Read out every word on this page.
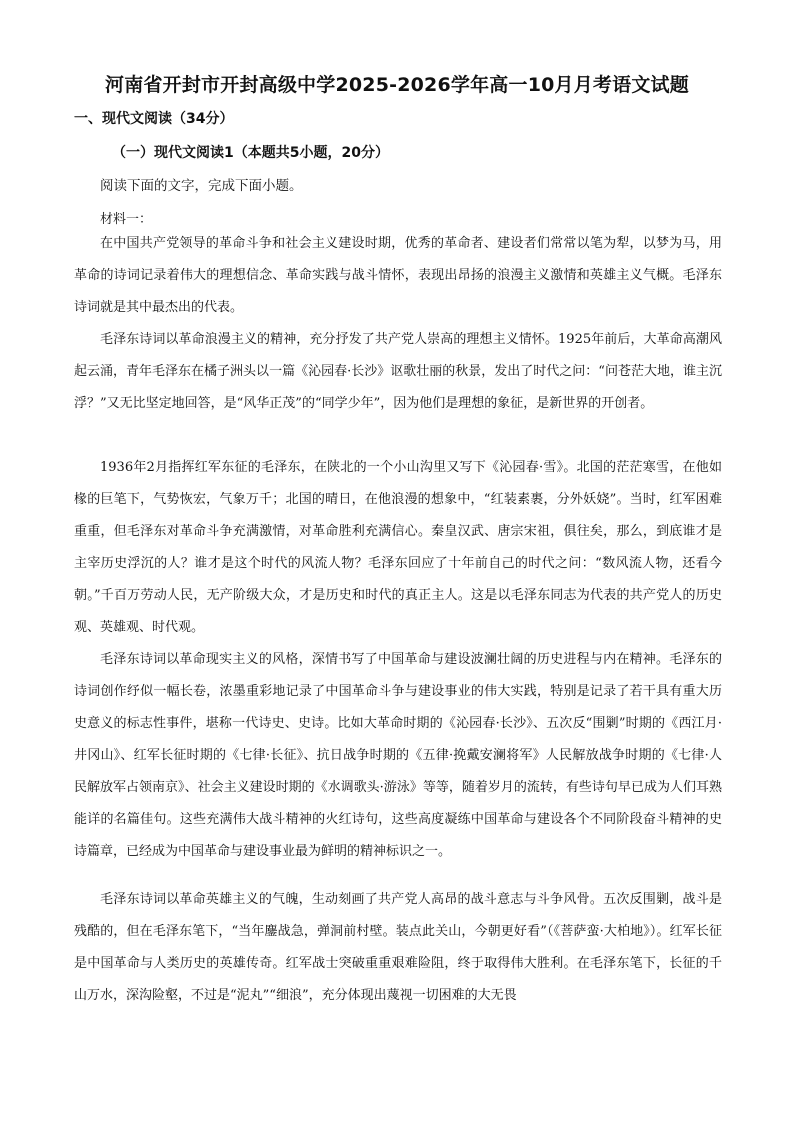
河南省开封市开封高级中学2025-2026学年高一10月月考语文试题
一、现代文阅读（34分）
（一）现代文阅读1（本题共5小题，20分）
阅读下面的文字，完成下面小题。
材料一：

在中国共产党领导的革命斗争和社会主义建设时期，优秀的革命者、建设者们常常以笔为犁，以梦为马，用革命的诗词记录着伟大的理想信念、革命实践与战斗情怀，表现出昂扬的浪漫主义激情和英雄主义气概。毛泽东诗词就是其中最杰出的代表。

毛泽东诗词以革命浪漫主义的精神，充分抒发了共产党人崇高的理想主义情怀。1925年前后，大革命高潮风起云涌，青年毛泽东在橘子洲头以一篇《沁园春·长沙》讴歌壮丽的秋景，发出了时代之问：“问苍茫大地，谁主沉浮？”又无比坚定地回答，是“风华正茂”的“同学少年”，因为他们是理想的象征，是新世界的开创者。

1936年2月指挥红军东征的毛泽东，在陕北的一个小山沟里又写下《沁园春·雪》。北国的茫茫寒雪，在他如椽的巨笔下，气势恢宏，气象万千；北国的晴日，在他浪漫的想象中，“红装素裹，分外妖娆”。当时，红军困难重重，但毛泽东对革命斗争充满激情，对革命胜利充满信心。秦皇汉武、唐宗宋祖，俱往矣，那么，到底谁才是主宰历史浮沉的人？谁才是这个时代的风流人物？毛泽东回应了十年前自己的时代之问：“数风流人物，还看今朝。”千百万劳动人民，无产阶级大众，才是历史和时代的真正主人。这是以毛泽东同志为代表的共产党人的历史观、英雄观、时代观。

毛泽东诗词以革命现实主义的风格，深情书写了中国革命与建设波澜壮阔的历史进程与内在精神。毛泽东的诗词创作纾似一幅长卷，浓墨重彩地记录了中国革命斗争与建设事业的伟大实践，特别是记录了若干具有重大历史意义的标志性事件，堪称一代诗史、史诗。比如大革命时期的《沁园春·长沙》、五次反“围剿”时期的《西江月·井冈山》、红军长征时期的《七律·长征》、抗日战争时期的《五律·挽戴安澜将军》人民解放战争时期的《七律·人民解放军占领南京》、社会主义建设时期的《水调歌头·游泳》等等，随着岁月的流转，有些诗句早已成为人们耳熟能详的名篇佳句。这些充满伟大战斗精神的火红诗句，这些高度凝练中国革命与建设各个不同阶段奋斗精神的史诗篇章，已经成为中国革命与建设事业最为鲜明的精神标识之一。

毛泽东诗词以革命英雄主义的气魄，生动刻画了共产党人高昂的战斗意志与斗争风骨。五次反围剿，战斗是残酷的，但在毛泽东笔下，“当年鏖战急，弹洞前村壁。装点此关山，今朝更好看”（《菩萨蛮·大柏地》）。红军长征是中国革命与人类历史的英雄传奇。红军战士突破重重艰难险阻，终于取得伟大胜利。在毛泽东笔下，长征的千山万水，深沟险壑，不过是“泥丸”“细浪”，充分体现出蔑视一切困难的大无畏
